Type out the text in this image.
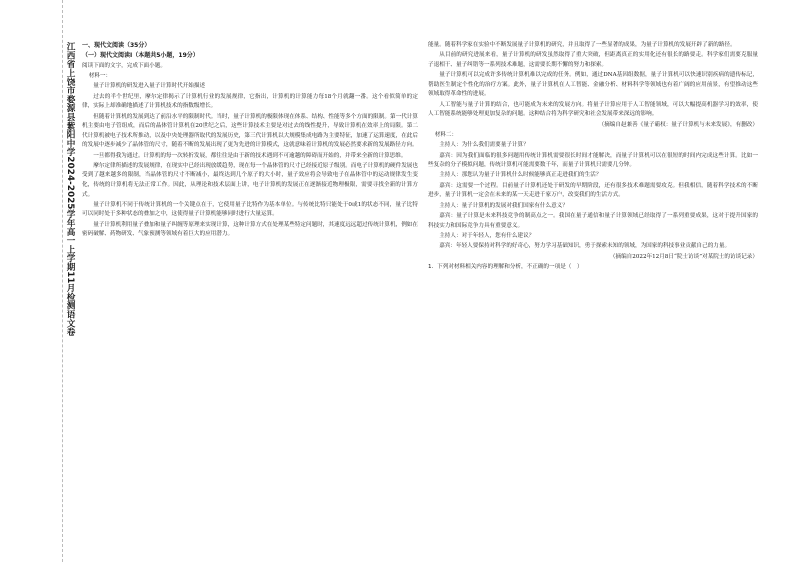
江西省上饶市婺源县紫阳中学2024-2025学年高一上学期11月检测语文卷 一、现代文阅读（35分）

（一）现代文阅读Ⅰ（本题共5小题，19分）

阅读下面的文字，完成下面小题。

材料一：

量子计算机的研发进入量子计算时代开始描述

过去的半个世纪里，摩尔定律揭示了计算机行业的发展规律，它指出，计算机的计算能力每18个月就翻一番。这个看似简单的定律，实际上却准确地描述了计算机技术的指数级增长。

但随着计算机的发展到达了前沿水平的限制时代。当时，量子计算机的极限体现在体系、结构、性能等多个方面的限制。第一代计算机主要由电子管组成，而后的晶体管计算机在20世纪之后，这些计算技术主要是对过去的线性提升，导致计算机在效率上的局限。第二代计算机被电子技术所推动，以及中央处理器所取代的发展历史，第三代计算机以大规模集成电路为主要特征，加速了运算速度，在此后的发展中逐步减少了晶体管的尺寸，随着不断的发展出现了更为先进的计算模式，这就意味着计算机的发展必然要求新的发展路径方向。

一旦都得我为通过。计算机的每一次转折发展，都往往是由于新的技术遇到不可逾越的障碍而开始的，并带来全新的计算思维。

摩尔定律所描述的发展规律，在现实中已经出现放缓趋势，现在每一个晶体管的尺寸已经接近原子级别。而电子计算机的硬件发展也受到了越来越多的限制，当晶体管的尺寸不断减小，最终达到几个原子的大小时，量子效应将会导致电子在晶体管中的运动规律发生变化，传统的计算机将无法正常工作。因此，从理论和技术层面上讲，电子计算机的发展正在逐渐接近物理极限，需要寻找全新的计算方式。

量子计算机不同于传统计算机的一个关键点在于，它使用量子比特作为基本单位。与传统比特只能处于0或1的状态不同，量子比特可以同时处于多种状态的叠加之中，这使得量子计算机能够同时进行大量运算。

量子计算机利用量子叠加和量子纠缠等原理来实现计算，这种计算方式在处理某些特定问题时，其速度远远超过传统计算机，例如在密码破解、药物研发、气象预测等领域有着巨大的应用潜力。

能量。随着科学家在实验中不断发展量子计算机的研究，并且取得了一些显著的成果，为量子计算机的发展开辟了新的路径。

从目前的研究进展来看，量子计算机的研发虽然取得了重大突破，但距离真正的实用化还有很长的路要走。科学家们需要克服量子退相干、量子纠错等一系列技术难题，这需要长期不懈的努力和探索。

量子计算机可以完成许多传统计算机难以完成的任务。例如，通过DNA基因组数据，量子计算机可以快速识别疾病的遗传标记，帮助医生制定个性化的治疗方案。此外，量子计算机在人工智能、金融分析、材料科学等领域也有着广阔的应用前景，有望推动这些领域取得革命性的进展。

人工智能与量子计算的结合，也可能成为未来的发展方向。将量子计算应用于人工智能领域，可以大幅提高机器学习的效率，使人工智能系统能够处理更加复杂的问题。这种结合将为科学研究和社会发展带来深远的影响。

（摘编自赵兼善《量子霸权：量子计算机与未来发展》，有删改）

材料二：

主持人：为什么我们需要量子计算？

嘉宾：因为我们面临的很多问题用传统计算机需要很长时间才能解决，而量子计算机可以在很短的时间内完成这些计算。比如一些复杂的分子模拟问题，传统计算机可能需要数千年，而量子计算机只需要几分钟。

主持人：那您认为量子计算机什么时候能够真正走进我们的生活？

嘉宾：这需要一个过程。目前量子计算机还处于研发的早期阶段，还有很多技术难题需要攻克。但我相信，随着科学技术的不断进步，量子计算机一定会在未来的某一天走进千家万户，改变我们的生活方式。

主持人：量子计算机的发展对我们国家有什么意义？

嘉宾：量子计算是未来科技竞争的制高点之一。我国在量子通信和量子计算领域已经取得了一系列重要成果，这对于提升国家的科技实力和国际竞争力具有重要意义。

主持人：对于年轻人，您有什么建议？

嘉宾：年轻人要保持对科学的好奇心，努力学习基础知识，勇于探索未知的领域，为国家的科技事业贡献自己的力量。

（摘编自2022年12月8日“院士访谈”对某院士的访谈记录）

1．下列对材料相关内容的理解和分析，不正确的一项是（　）
